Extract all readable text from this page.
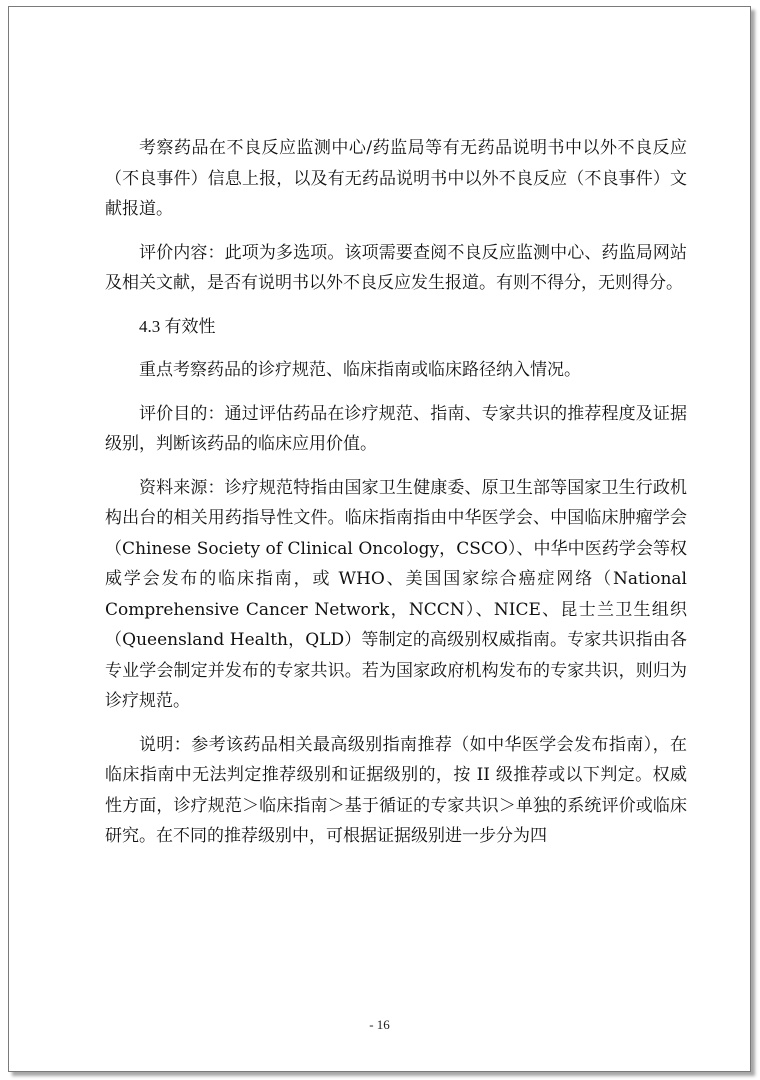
考察药品在不良反应监测中心/药监局等有无药品说明书中以外不良反应（不良事件）信息上报，以及有无药品说明书中以外不良反应（不良事件）文献报道。

评价内容：此项为多选项。该项需要查阅不良反应监测中心、药监局网站及相关文献，是否有说明书以外不良反应发生报道。有则不得分，无则得分。

4.3 有效性

重点考察药品的诊疗规范、临床指南或临床路径纳入情况。

评价目的：通过评估药品在诊疗规范、指南、专家共识的推荐程度及证据级别，判断该药品的临床应用价值。

资料来源：诊疗规范特指由国家卫生健康委、原卫生部等国家卫生行政机构出台的相关用药指导性文件。临床指南指由中华医学会、中国临床肿瘤学会（Chinese Society of Clinical Oncology，CSCO）、中华中医药学会等权威学会发布的临床指南，或 WHO、美国国家综合癌症网络（National Comprehensive Cancer Network，NCCN）、NICE、昆士兰卫生组织（Queensland Health，QLD）等制定的高级别权威指南。专家共识指由各专业学会制定并发布的专家共识。若为国家政府机构发布的专家共识，则归为诊疗规范。

说明：参考该药品相关最高级别指南推荐（如中华医学会发布指南），在临床指南中无法判定推荐级别和证据级别的，按 II 级推荐或以下判定。权威性方面，诊疗规范＞临床指南＞基于循证的专家共识＞单独的系统评价或临床研究。在不同的推荐级别中，可根据证据级别进一步分为四

- 16
